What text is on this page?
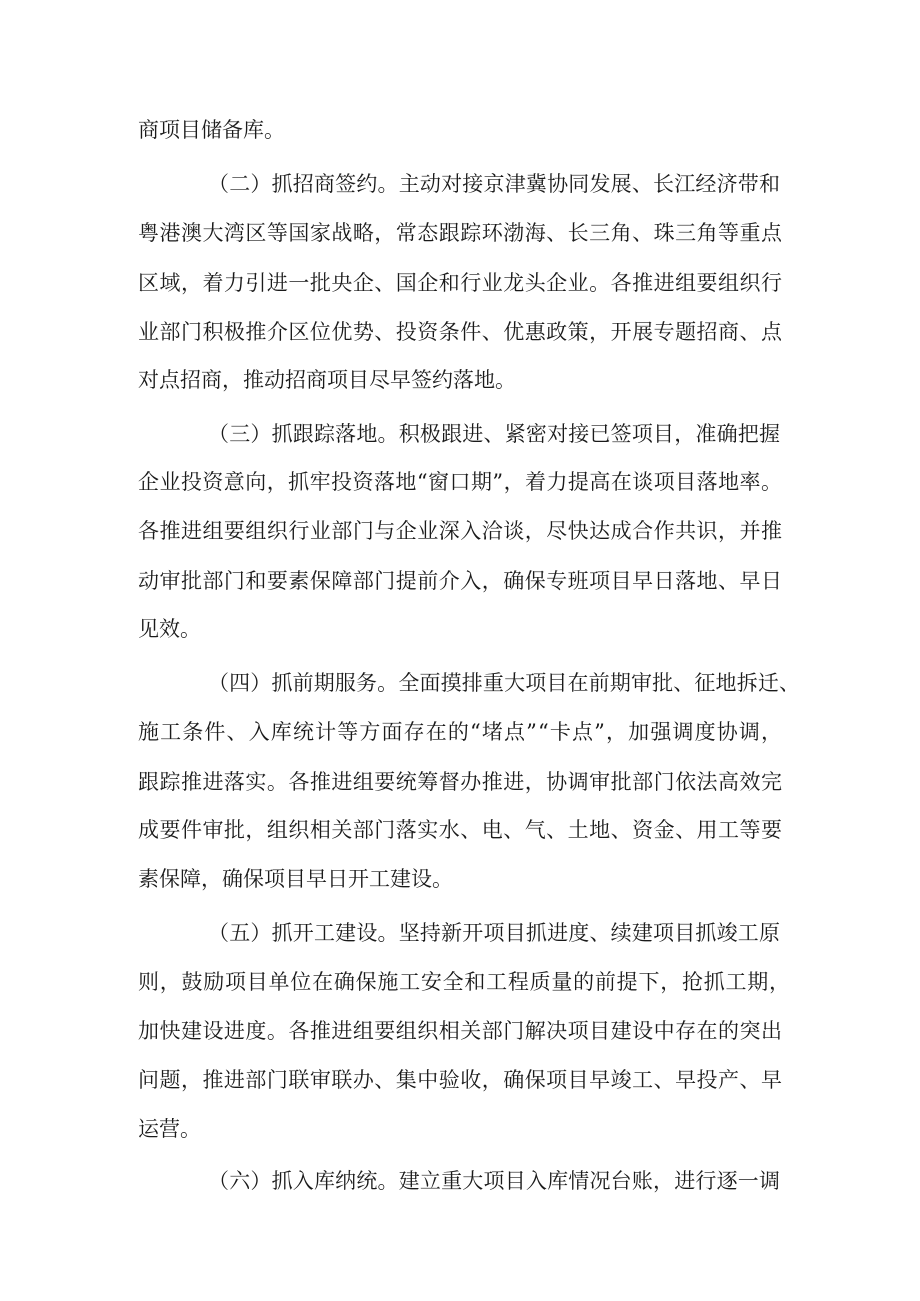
商项目储备库。
（二）抓招商签约。主动对接京津冀协同发展、长江经济带和
粤港澳大湾区等国家战略，常态跟踪环渤海、长三角、珠三角等重点
区域，着力引进一批央企、国企和行业龙头企业。各推进组要组织行
业部门积极推介区位优势、投资条件、优惠政策，开展专题招商、点
对点招商，推动招商项目尽早签约落地。
（三）抓跟踪落地。积极跟进、紧密对接已签项目，准确把握
企业投资意向，抓牢投资落地“窗口期”，着力提高在谈项目落地率。
各推进组要组织行业部门与企业深入洽谈，尽快达成合作共识，并推
动审批部门和要素保障部门提前介入，确保专班项目早日落地、早日
见效。
（四）抓前期服务。全面摸排重大项目在前期审批、征地拆迁、
施工条件、入库统计等方面存在的“堵点”“卡点”，加强调度协调，
跟踪推进落实。各推进组要统筹督办推进，协调审批部门依法高效完
成要件审批，组织相关部门落实水、电、气、土地、资金、用工等要
素保障，确保项目早日开工建设。
（五）抓开工建设。坚持新开项目抓进度、续建项目抓竣工原
则，鼓励项目单位在确保施工安全和工程质量的前提下，抢抓工期，
加快建设进度。各推进组要组织相关部门解决项目建设中存在的突出
问题，推进部门联审联办、集中验收，确保项目早竣工、早投产、早
运营。
（六）抓入库纳统。建立重大项目入库情况台账，进行逐一调
